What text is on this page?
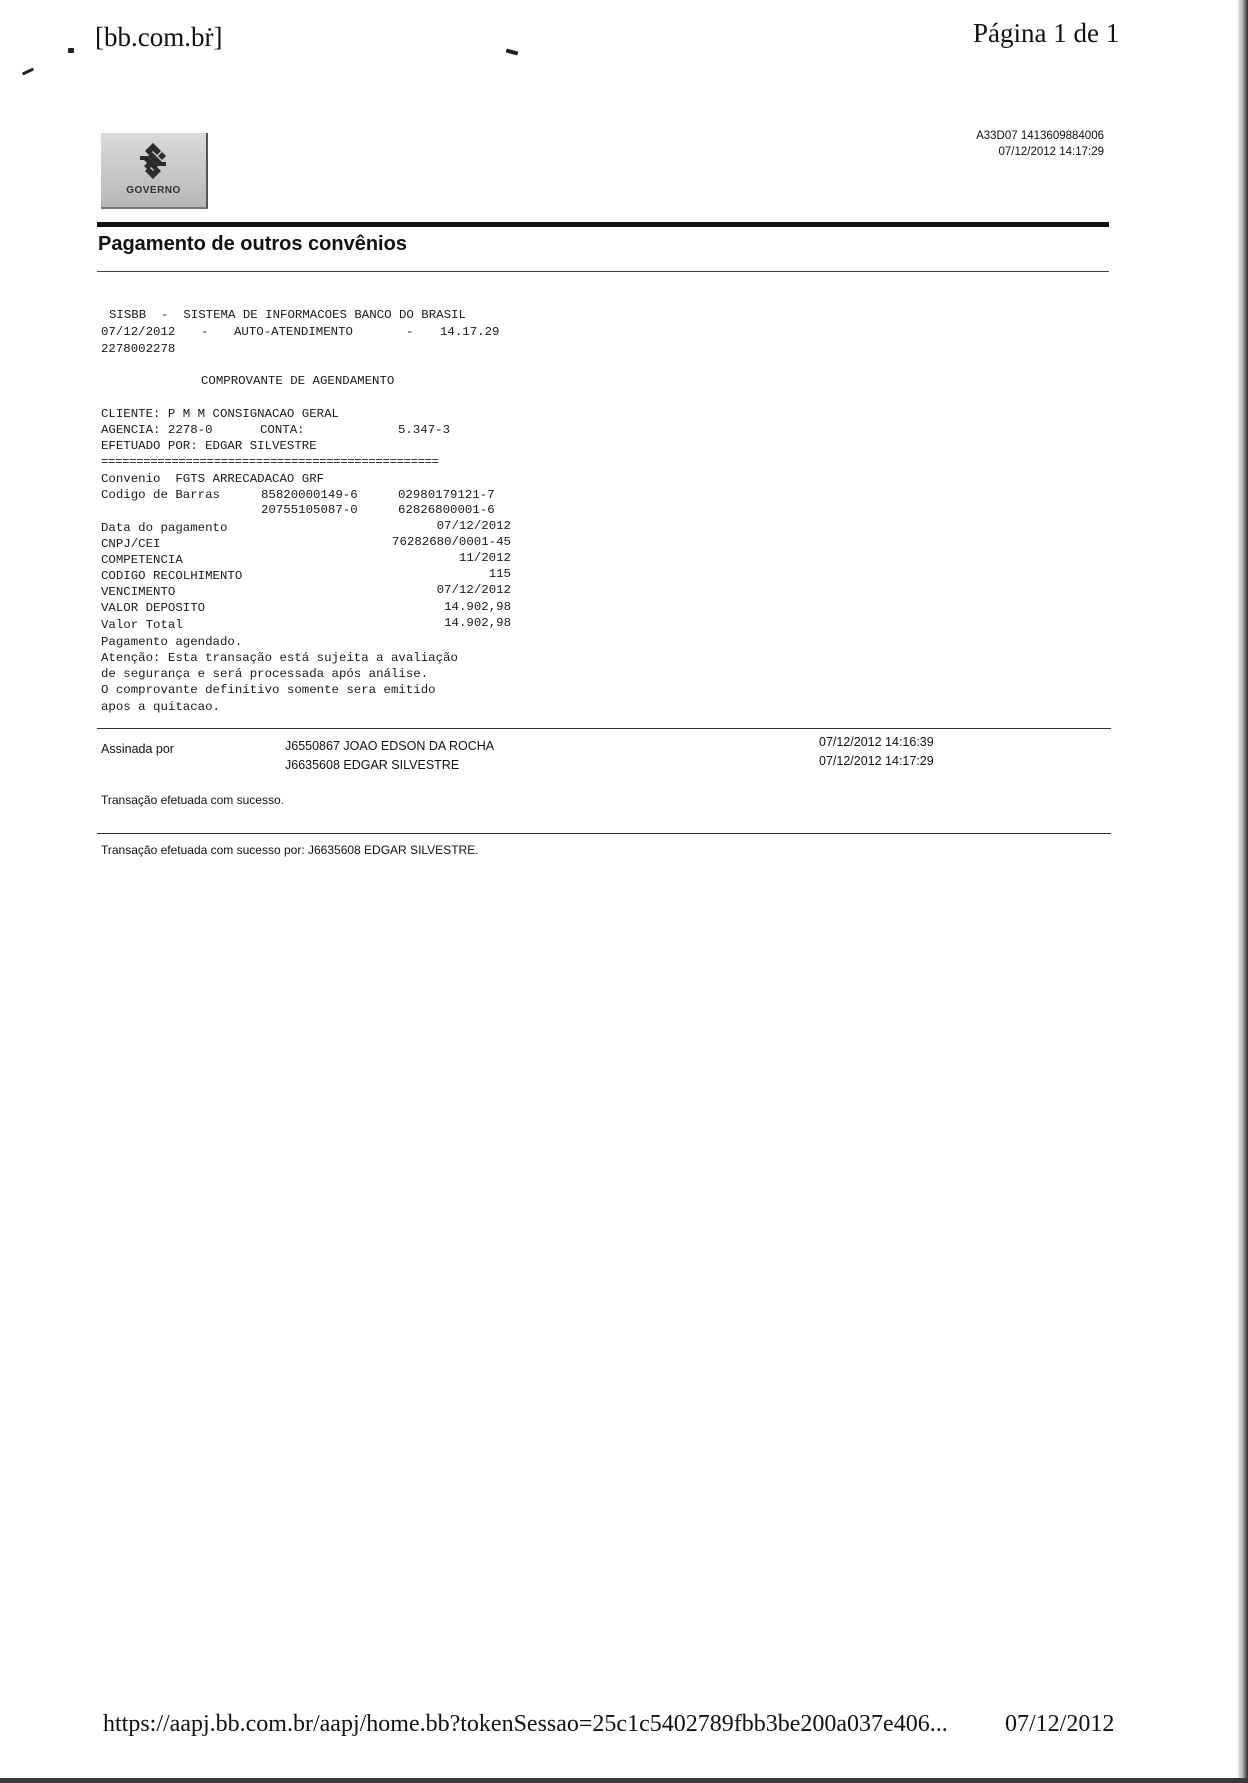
[bb.com.bṙ]	Página 1 de 1
GOVERNO
A33D07 1413609884006
07/12/2012 14:17:29
Pagamento de outros convênios
SISBB  -  SISTEMA DE INFORMACOES BANCO DO BRASIL
07/12/2012 - AUTO-ATENDIMENTO	- 14.17.29
2278002278
COMPROVANTE DE AGENDAMENTO
CLIENTE: P M M CONSIGNACAO GERAL
AGENCIA: 2278-0	CONTA:	5.347-3
EFETUADO POR: EDGAR SILVESTRE
================================================
Convenio  FGTS ARRECADACAO GRF
Codigo de Barras	85820000149-6	02980179121-7
20755105087-0	62826800001-6
Data do pagamento	07/12/2012
CNPJ/CEI	76282680/0001-45
COMPETENCIA	11/2012
CODIGO RECOLHIMENTO	115
VENCIMENTO	07/12/2012
VALOR DEPOSITO	14.902,98
Valor Total	14.902,98
Pagamento agendado.
Atenção: Esta transação está sujeita a avaliação
de segurança e será processada após análise.
O comprovante definitivo somente sera emitido
apos a quitacao.
Assinada por	J6550867 JOAO EDSON DA ROCHA	07/12/2012 14:16:39
J6635608 EDGAR SILVESTRE	07/12/2012 14:17:29
Transação efetuada com sucesso.
Transação efetuada com sucesso por: J6635608 EDGAR SILVESTRE.
https://aapj.bb.com.br/aapj/home.bb?tokenSessao=25c1c5402789fbb3be200a037e406... 07/12/2012
